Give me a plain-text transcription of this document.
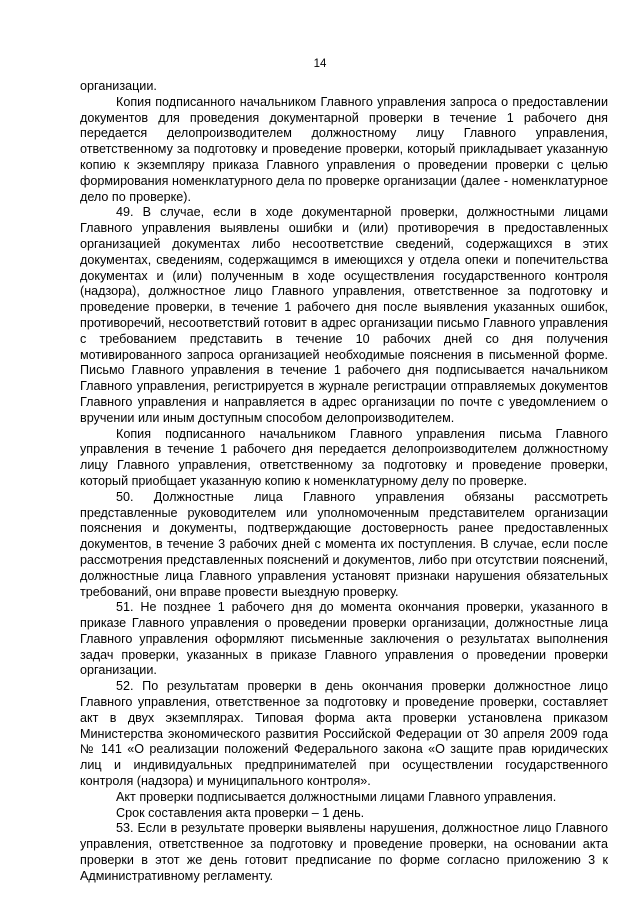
14

организации.

Копия подписанного начальником Главного управления запроса о предоставлении документов для проведения документарной проверки в течение 1 рабочего дня передается делопроизводителем должностному лицу Главного управления, ответственному за подготовку и проведение проверки, который прикладывает указанную копию к экземпляру приказа Главного управления о проведении проверки с целью формирования номенклатурного дела по проверке организации (далее - номенклатурное дело по проверке).

49. В случае, если в ходе документарной проверки, должностными лицами Главного управления выявлены ошибки и (или) противоречия в предоставленных организацией документах либо несоответствие сведений, содержащихся в этих документах, сведениям, содержащимся в имеющихся у отдела опеки и попечительства документах и (или) полученным в ходе осуществления государственного контроля (надзора), должностное лицо Главного управления, ответственное за подготовку и проведение проверки, в течение 1 рабочего дня после выявления указанных ошибок, противоречий, несоответствий готовит в адрес организации письмо Главного управления с требованием представить в течение 10 рабочих дней со дня получения мотивированного запроса организацией необходимые пояснения в письменной форме. Письмо Главного управления в течение 1 рабочего дня подписывается начальником Главного управления, регистрируется в журнале регистрации отправляемых документов Главного управления и направляется в адрес организации по почте с уведомлением о вручении или иным доступным способом делопроизводителем.

Копия подписанного начальником Главного управления письма Главного управления в течение 1 рабочего дня передается делопроизводителем должностному лицу Главного управления, ответственному за подготовку и проведение проверки, который приобщает указанную копию к номенклатурному делу по проверке.

50. Должностные лица Главного управления обязаны рассмотреть представленные руководителем или уполномоченным представителем организации пояснения и документы, подтверждающие достоверность ранее предоставленных документов, в течение 3 рабочих дней с момента их поступления. В случае, если после рассмотрения представленных пояснений и документов, либо при отсутствии пояснений, должностные лица Главного управления установят признаки нарушения обязательных требований, они вправе провести выездную проверку.

51. Не позднее 1 рабочего дня до момента окончания проверки, указанного в приказе Главного управления о проведении проверки организации, должностные лица Главного управления оформляют письменные заключения о результатах выполнения задач проверки, указанных в приказе Главного управления о проведении проверки организации.

52. По результатам проверки в день окончания проверки должностное лицо Главного управления, ответственное за подготовку и проведение проверки, составляет акт в двух экземплярах. Типовая форма акта проверки установлена приказом Министерства экономического развития Российской Федерации от 30 апреля 2009 года № 141 «О реализации положений Федерального закона «О защите прав юридических лиц и индивидуальных предпринимателей при осуществлении государственного контроля (надзора) и муниципального контроля».

Акт проверки подписывается должностными лицами Главного управления.

Срок составления акта проверки – 1 день.

53. Если в результате проверки выявлены нарушения, должностное лицо Главного управления, ответственное за подготовку и проведение проверки, на основании акта проверки в этот же день готовит предписание по форме согласно приложению 3 к Административному регламенту.
